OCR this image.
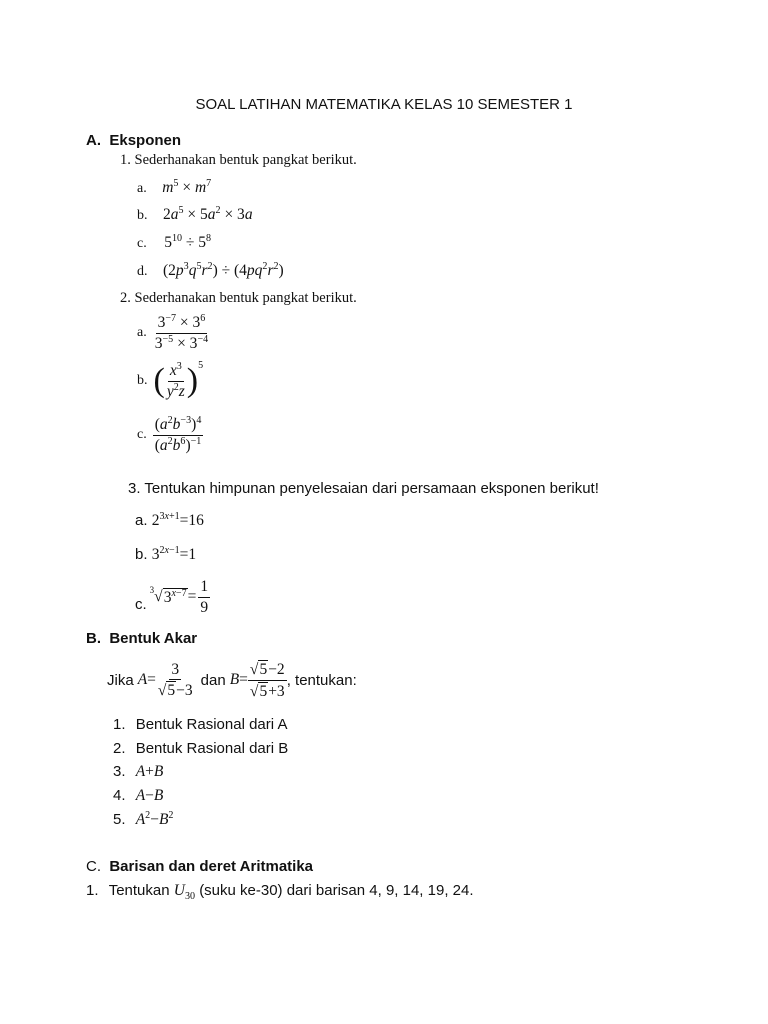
SOAL LATIHAN MATEMATIKA KELAS 10 SEMESTER 1
A. Eksponen
1. Sederhanakan bentuk pangkat berikut.
a. $m^5 \times m^7$
b. $2a^5 \times 5a^2 \times 3a$
c. $5^{10} \div 5^8$
d. $(2p^3q^5r^2) \div (4pq^2r^2)$
2. Sederhanakan bentuk pangkat berikut.
a. $\frac{3^{-7} \times 3^6}{3^{-5} \times 3^{-4}}$
b. ( $\frac{x^3}{y^2z}$ ) 5
c. $\frac{(a^2b^{-3})^4}{(a^2b^6)^{-1}}$
3. Tentukan himpunan penyelesaian dari persamaan eksponen berikut!
a. $2^{3x+1}=16$
b. $3^{2x-1}=1$
c.
3 √ $3^{x-7} = \frac{1}{9}$
B. Bentuk Akar
Jika $A = \frac{3}{√5-3}$ dan $B = \frac{√5-2}{√5+3}$ , tentukan:
1. Bentuk Rasional dari A
2. Bentuk Rasional dari B
3. A+B
4. A−B
5. $A^2-B^2$
C. Barisan dan deret Aritmatika
1. Tentukan $U_{30}$ (suku ke-30) dari barisan 4, 9, 14, 19, 24.
